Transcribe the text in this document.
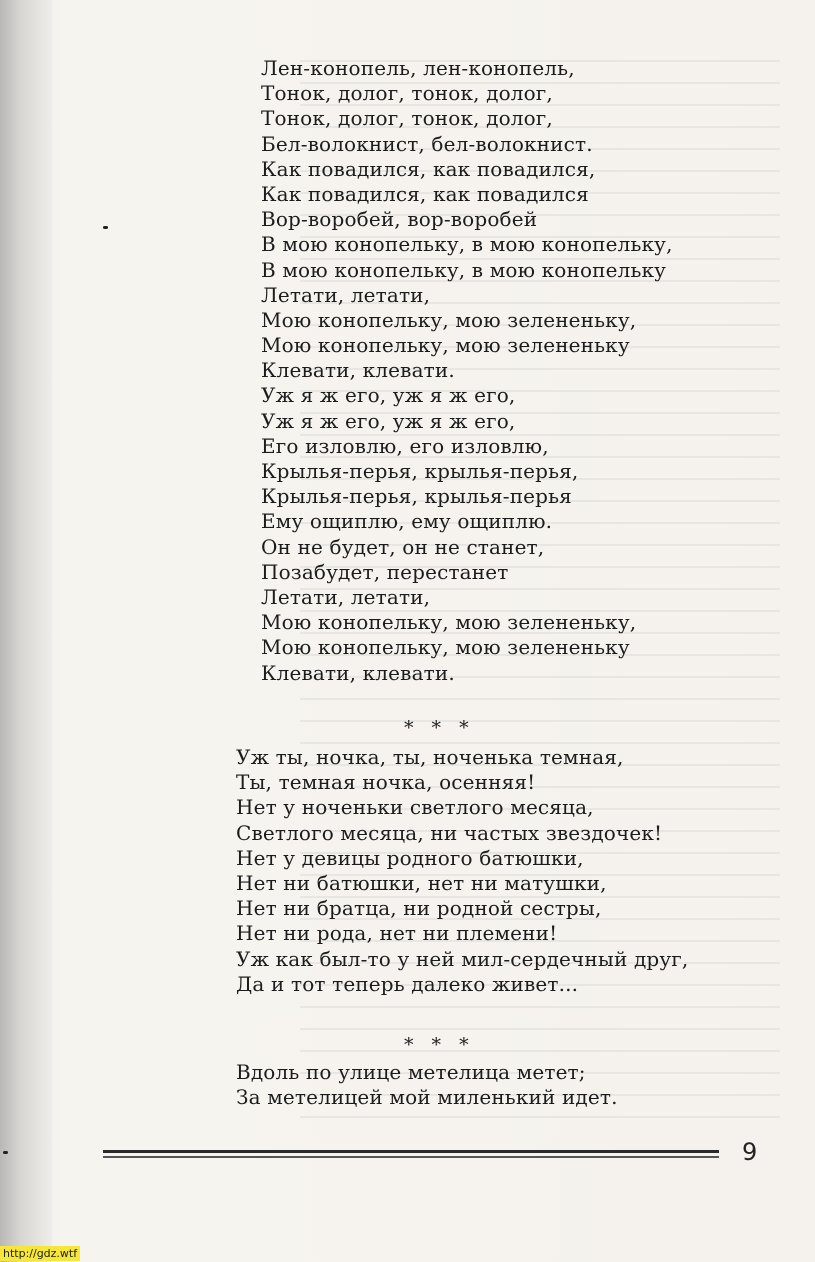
Лен-конопель, лен-конопель,
Тонок, долог, тонок, долог,
Тонок, долог, тонок, долог,
Бел-волокнист, бел-волокнист.
Как повадился, как повадился,
Как повадился, как повадился
Вор-воробей, вор-воробей
В мою конопельку, в мою конопельку,
В мою конопельку, в мою конопельку
Летати, летати,
Мою конопельку, мою зелененьку,
Мою конопельку, мою зелененьку
Клевати, клевати.
Уж я ж его, уж я ж его,
Уж я ж его, уж я ж его,
Его изловлю, его изловлю,
Крылья-перья, крылья-перья,
Крылья-перья, крылья-перья
Ему ощиплю, ему ощиплю.
Он не будет, он не станет,
Позабудет, перестанет
Летати, летати,
Мою конопельку, мою зелененьку,
Мою конопельку, мою зелененьку
Клевати, клевати.
* * *
Уж ты, ночка, ты, ноченька темная,
Ты, темная ночка, осенняя!
Нет у ноченьки светлого месяца,
Светлого месяца, ни частых звездочек!
Нет у девицы родного батюшки,
Нет ни батюшки, нет ни матушки,
Нет ни братца, ни родной сестры,
Нет ни рода, нет ни племени!
Уж как был-то у ней мил-сердечный друг,
Да и тот теперь далеко живет...
* * *
Вдоль по улице метелица метет;
За метелицей мой миленький идет.
9
http://gdz.wtf
